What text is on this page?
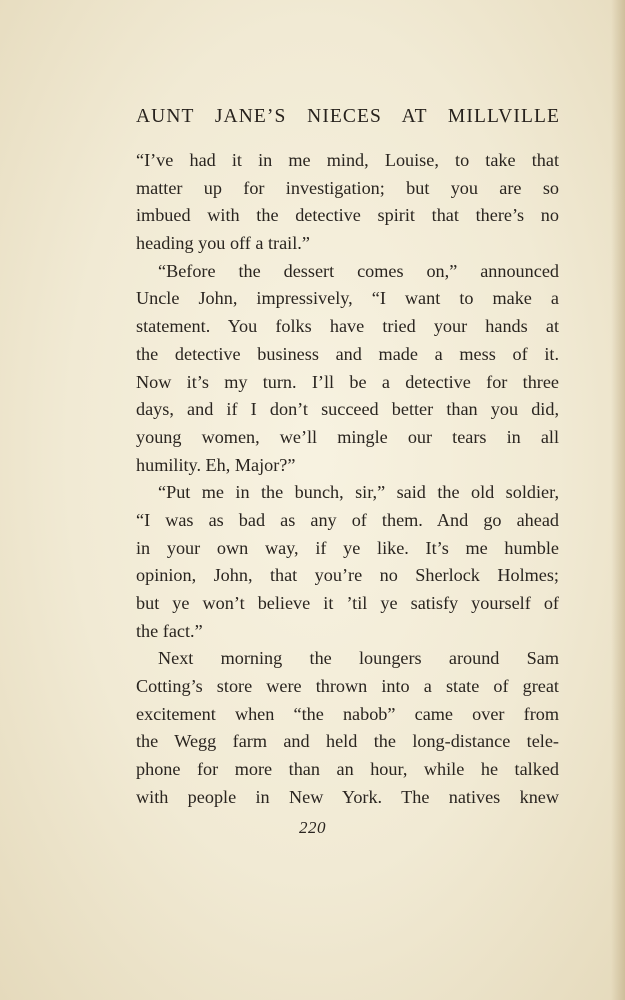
AUNT JANE’S NIECES AT MILLVILLE
“I’ve had it in me mind, Louise, to take that
matter up for investigation; but you are so
imbued with the detective spirit that there’s no
heading you off a trail.”
“Before the dessert comes on,” announced
Uncle John, impressively, “I want to make a
statement. You folks have tried your hands at
the detective business and made a mess of it.
Now it’s my turn. I’ll be a detective for three
days, and if I don’t succeed better than you did,
young women, we’ll mingle our tears in all
humility. Eh, Major?”
“Put me in the bunch, sir,” said the old soldier,
“I was as bad as any of them. And go ahead
in your own way, if ye like. It’s me humble
opinion, John, that you’re no Sherlock Holmes;
but ye won’t believe it ’til ye satisfy yourself of
the fact.”
Next morning the loungers around Sam
Cotting’s store were thrown into a state of great
excitement when “the nabob” came over from
the Wegg farm and held the long-distance tele-
phone for more than an hour, while he talked
with people in New York. The natives knew
220
